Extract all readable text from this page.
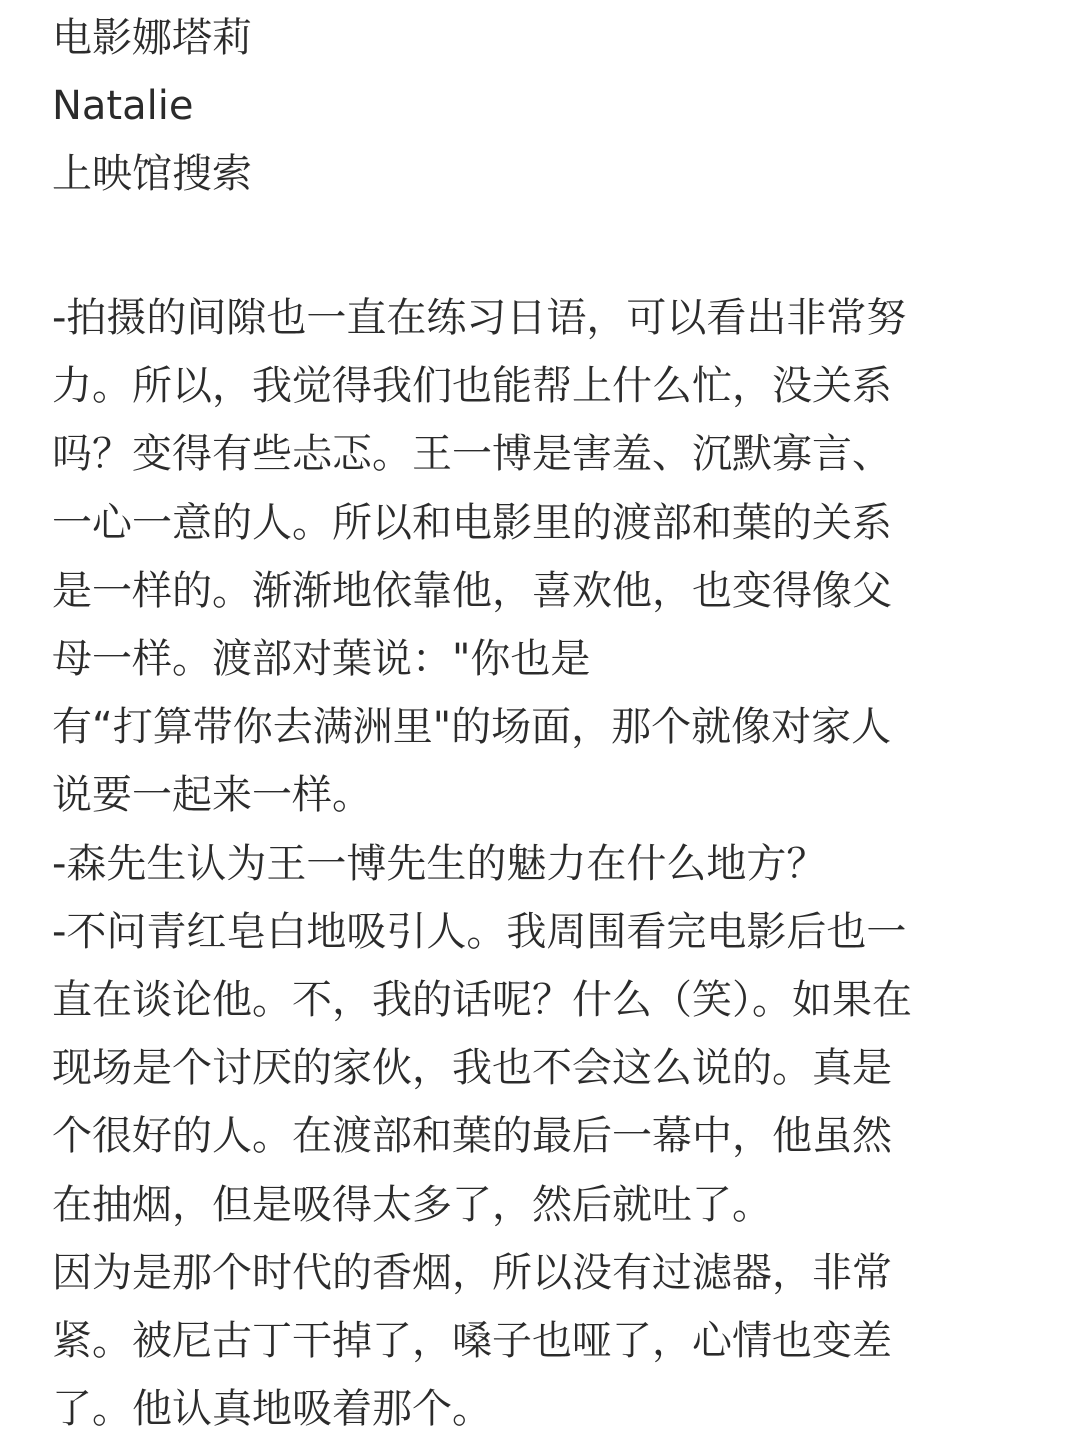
电影娜塔莉
Natalie
上映馆搜索
-拍摄的间隙也一直在练习日语，可以看出非常努
力。所以，我觉得我们也能帮上什么忙，没关系
吗？变得有些忐忑。王一博是害羞、沉默寡言、
一心一意的人。所以和电影里的渡部和葉的关系
是一样的。渐渐地依靠他，喜欢他，也变得像父
母一样。渡部对葉说："你也是
有“打算带你去满洲里"的场面，那个就像对家人
说要一起来一样。
-森先生认为王一博先生的魅力在什么地方？
-不问青红皂白地吸引人。我周围看完电影后也一
直在谈论他。不，我的话呢？什么（笑）。如果在
现场是个讨厌的家伙，我也不会这么说的。真是
个很好的人。在渡部和葉的最后一幕中，他虽然
在抽烟，但是吸得太多了，然后就吐了。
因为是那个时代的香烟，所以没有过滤器，非常
紧。被尼古丁干掉了，嗓子也哑了，心情也变差
了。他认真地吸着那个。
